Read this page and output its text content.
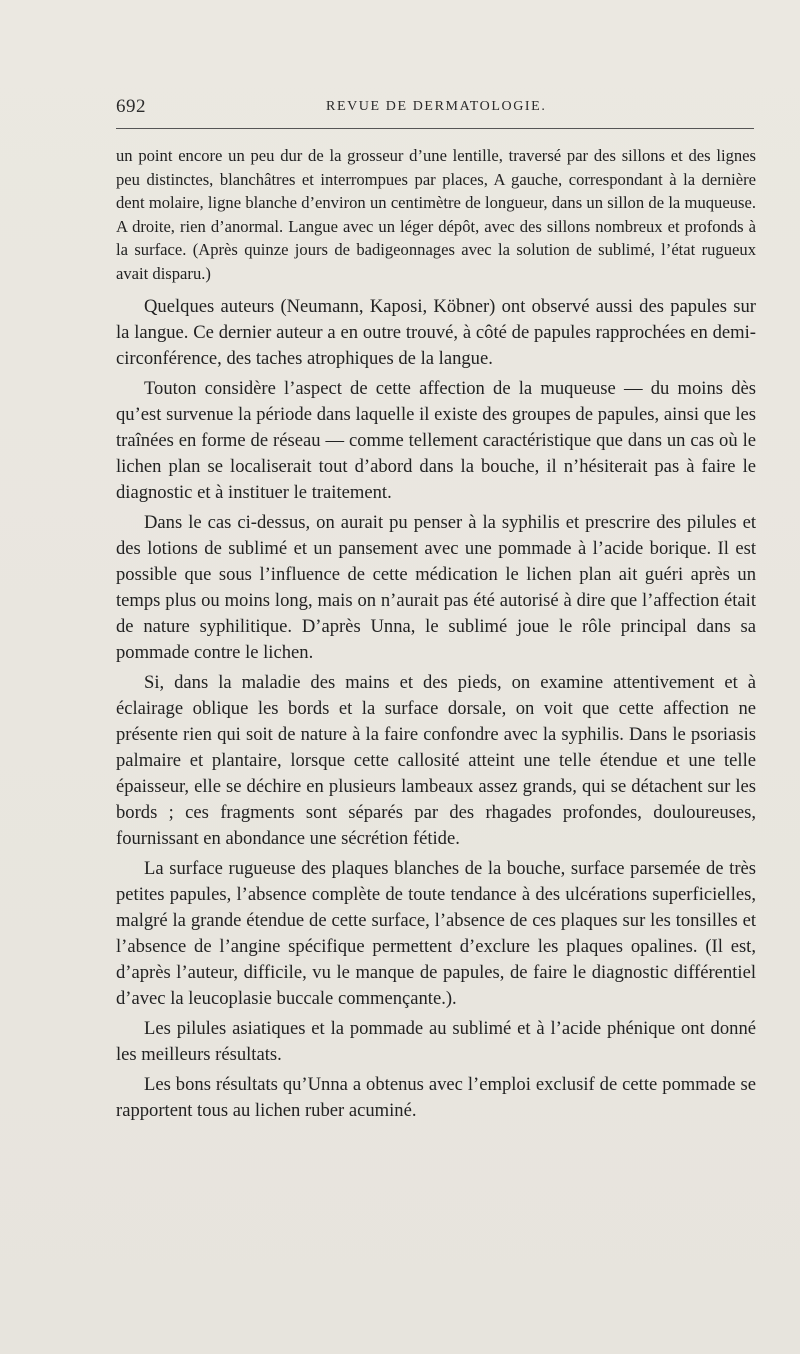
692	REVUE DE DERMATOLOGIE.

un point encore un peu dur de la grosseur d’une lentille, traversé par des sillons et des lignes peu distinctes, blanchâtres et interrompues par places, A gauche, correspondant à la dernière dent molaire, ligne blanche d’environ un centimètre de longueur, dans un sillon de la muqueuse. A droite, rien d’anormal. Langue avec un léger dépôt, avec des sillons nombreux et profonds à la surface. (Après quinze jours de badigeonnages avec la solution de sublimé, l’état rugueux avait disparu.)

Quelques auteurs (Neumann, Kaposi, Köbner) ont observé aussi des papules sur la langue. Ce dernier auteur a en outre trouvé, à côté de papules rapprochées en demi-circonférence, des taches atrophiques de la langue.

Touton considère l’aspect de cette affection de la muqueuse — du moins dès qu’est survenue la période dans laquelle il existe des groupes de papules, ainsi que les traînées en forme de réseau — comme tellement caractéristique que dans un cas où le lichen plan se localiserait tout d’abord dans la bouche, il n’hésiterait pas à faire le diagnostic et à instituer le traitement.

Dans le cas ci-dessus, on aurait pu penser à la syphilis et prescrire des pilules et des lotions de sublimé et un pansement avec une pommade à l’acide borique. Il est possible que sous l’influence de cette médication le lichen plan ait guéri après un temps plus ou moins long, mais on n’aurait pas été autorisé à dire que l’affection était de nature syphilitique. D’après Unna, le sublimé joue le rôle principal dans sa pommade contre le lichen.

Si, dans la maladie des mains et des pieds, on examine attentivement et à éclairage oblique les bords et la surface dorsale, on voit que cette affection ne présente rien qui soit de nature à la faire confondre avec la syphilis. Dans le psoriasis palmaire et plantaire, lorsque cette callosité atteint une telle étendue et une telle épaisseur, elle se déchire en plusieurs lambeaux assez grands, qui se détachent sur les bords ; ces fragments sont séparés par des rhagades profondes, douloureuses, fournissant en abondance une sécrétion fétide.

La surface rugueuse des plaques blanches de la bouche, surface parsemée de très petites papules, l’absence complète de toute tendance à des ulcérations superficielles, malgré la grande étendue de cette surface, l’absence de ces plaques sur les tonsilles et l’absence de l’angine spécifique permettent d’exclure les plaques opalines. (Il est, d’après l’auteur, difficile, vu le manque de papules, de faire le diagnostic différentiel d’avec la leucoplasie buccale commençante.).

Les pilules asiatiques et la pommade au sublimé et à l’acide phénique ont donné les meilleurs résultats.

Les bons résultats qu’Unna a obtenus avec l’emploi exclusif de cette pommade se rapportent tous au lichen ruber acuminé.
